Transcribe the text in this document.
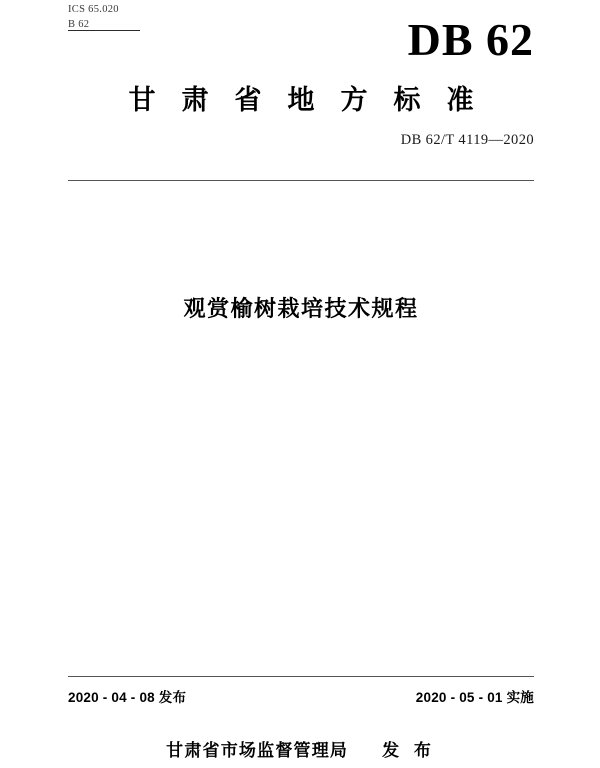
ICS 65.020
B 62	DB 62
甘肃省地方标准
DB 62/T 4119—2020
观赏榆树栽培技术规程
2020 - 04 - 08 发布	2020 - 05 - 01 实施
甘肃省市场监督管理局 发 布
